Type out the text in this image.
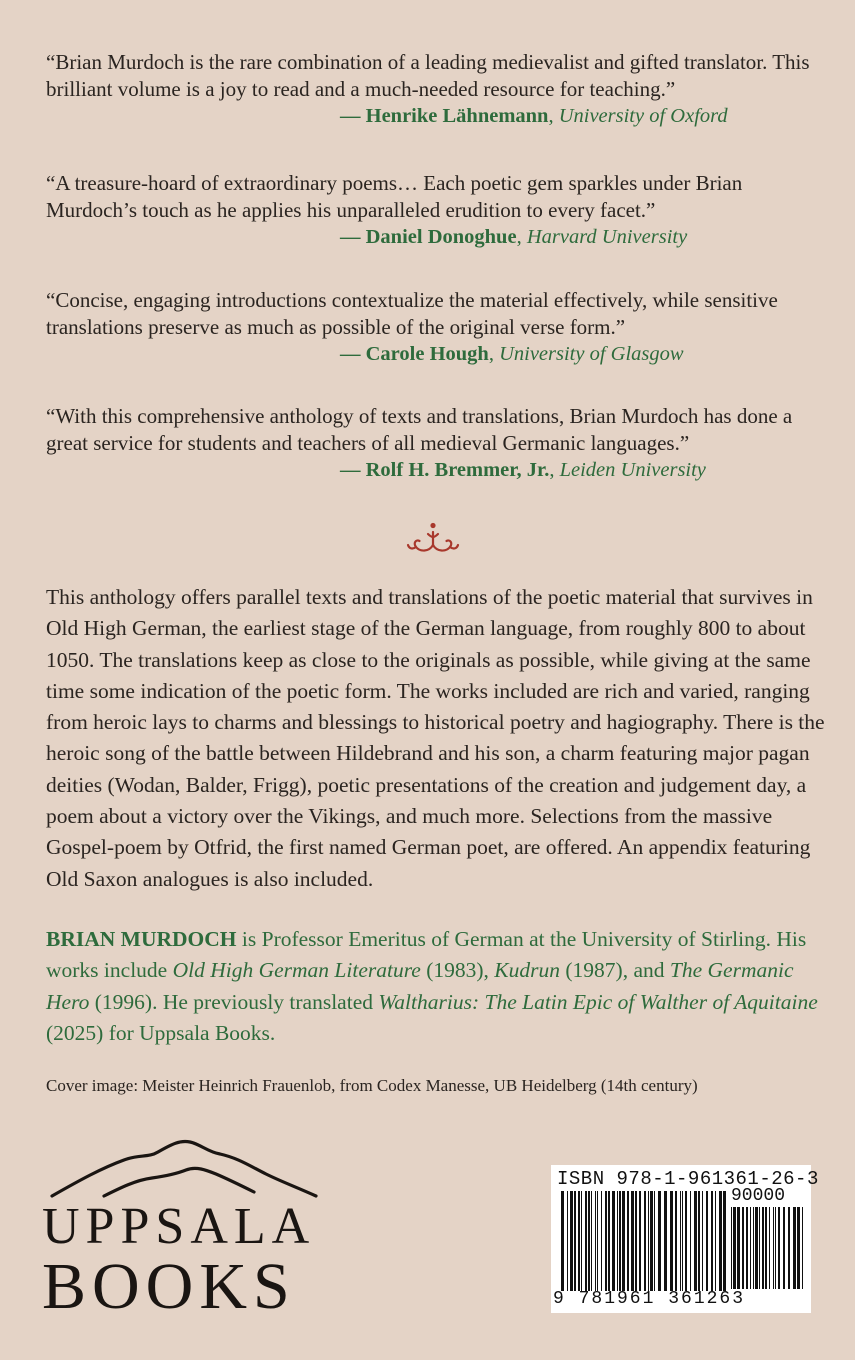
“Brian Murdoch is the rare combination of a leading medievalist and gifted translator. This brilliant volume is a joy to read and a much-needed resource for teaching.”

— Henrike Lähnemann, University of Oxford

“A treasure-hoard of extraordinary poems… Each poetic gem sparkles under Brian Murdoch’s touch as he applies his unparalleled erudition to every facet.”

— Daniel Donoghue, Harvard University

“Concise, engaging introductions contextualize the material effectively, while sensitive translations preserve as much as possible of the original verse form.”

— Carole Hough, University of Glasgow

“With this comprehensive anthology of texts and translations, Brian Murdoch has done a great service for students and teachers of all medieval Germanic languages.”

— Rolf H. Bremmer, Jr., Leiden University

This anthology offers parallel texts and translations of the poetic material that survives in Old High German, the earliest stage of the German language, from roughly 800 to about 1050. The translations keep as close to the originals as possible, while giving at the same time some indication of the poetic form. The works included are rich and varied, ranging from heroic lays to charms and blessings to historical poetry and hagiography. There is the heroic song of the battle between Hildebrand and his son, a charm featuring major pagan deities (Wodan, Balder, Frigg), poetic presentations of the creation and judgement day, a poem about a victory over the Vikings, and much more. Selections from the massive Gospel-poem by Otfrid, the first named German poet, are offered. An appendix featuring Old Saxon analogues is also included.

BRIAN MURDOCH is Professor Emeritus of German at the University of Stirling. His works include Old High German Literature (1983), Kudrun (1987), and The Germanic Hero (1996). He previously translated Waltharius: The Latin Epic of Walther of Aquitaine (2025) for Uppsala Books.

Cover image: Meister Heinrich Frauenlob, from Codex Manesse, UB Heidelberg (14th century)

UPPSALA
BOOKS
ISBN 978-1-961361-26-3
90000
9 781961 361263
